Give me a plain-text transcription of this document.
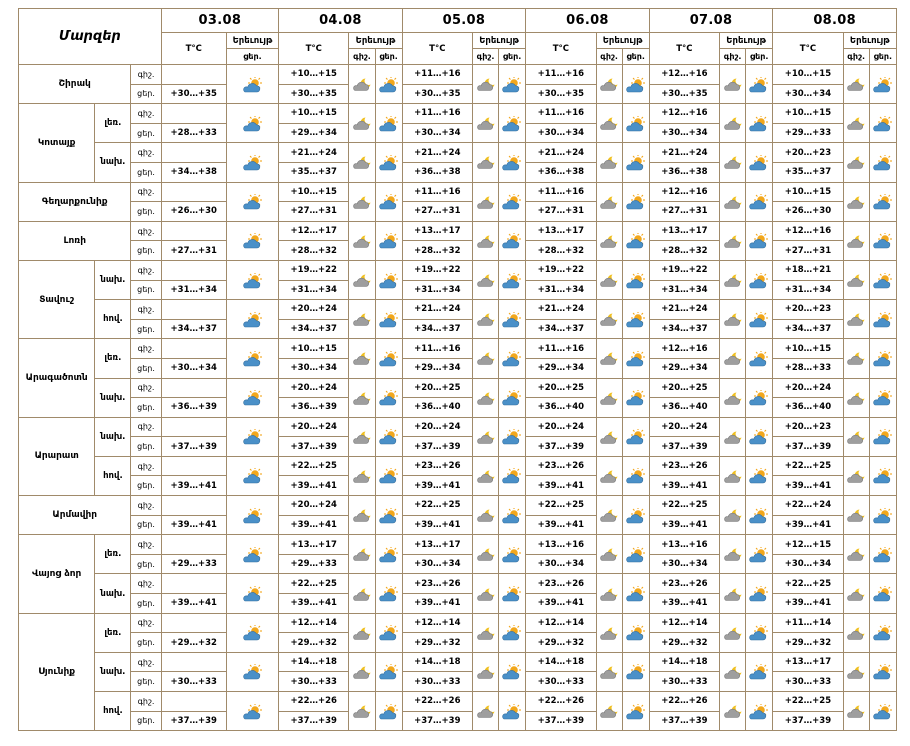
Մարզեր			03.08		04.08			05.08			06.08			07.08			08.08		
			T°C	Երեւույթ	T°C	Երեւույթ		T°C	Երեւույթ		T°C	Երեւույթ		T°C	Երեւույթ		T°C	Երեւույթ	
				ցեր.		գիշ.	ցեր.		գիշ.	ցեր.		գիշ.	ցեր.		գիշ.	ցեր.		գիշ.	ցեր.
Շիրակ		գիշ.			+10…+15			+11…+16			+11…+16			+12…+16			+10…+15	

		ցեր.	+30…+35		+30…+35			+30…+35			+30…+35			+30…+35			+30…+34		
Կոտայք	լեռ.	գիշ.			+10…+15			+11…+16			+11…+16			+12…+16			+10…+15	

		ցեր.	+28…+33		+29…+34			+30…+34			+30…+34			+30…+34			+29…+33		
	նախ.	գիշ.			+21…+24			+21…+24			+21…+24			+21…+24			+20…+23	

		ցեր.	+34…+38		+35…+37			+36…+38			+36…+38			+36…+38			+35…+37		
Գեղարքունիք		գիշ.			+10…+15			+11…+16			+11…+16			+12…+16			+10…+15	

		ցեր.	+26…+30		+27…+31			+27…+31			+27…+31			+27…+31			+26…+30		
Լոռի		գիշ.			+12…+17			+13…+17			+13…+17			+13…+17			+12…+16	

		ցեր.	+27…+31		+28…+32			+28…+32			+28…+32			+28…+32			+27…+31		
Տավուշ	նախ.	գիշ.			+19…+22			+19…+22			+19…+22			+19…+22			+18…+21	

		ցեր.	+31…+34		+31…+34			+31…+34			+31…+34			+31…+34			+31…+34		
	հով.	գիշ.			+20…+24			+21…+24			+21…+24			+21…+24			+20…+23	

		ցեր.	+34…+37		+34…+37			+34…+37			+34…+37			+34…+37			+34…+37		
Արագածոտն	լեռ.	գիշ.			+10…+15			+11…+16			+11…+16			+12…+16			+10…+15	

		ցեր.	+30…+34		+30…+34			+29…+34			+29…+34			+29…+34			+28…+33		
	նախ.	գիշ.			+20…+24			+20…+25			+20…+25			+20…+25			+20…+24	

		ցեր.	+36…+39		+36…+39			+36…+40			+36…+40			+36…+40			+36…+40		
Արարատ	նախ.	գիշ.			+20…+24			+20…+24			+20…+24			+20…+24			+20…+23	

		ցեր.	+37…+39		+37…+39			+37…+39			+37…+39			+37…+39			+37…+39		
	հով.	գիշ.			+22…+25			+23…+26			+23…+26			+23…+26			+22…+25	

		ցեր.	+39…+41		+39…+41			+39…+41			+39…+41			+39…+41			+39…+41		
Արմավիր		գիշ.			+20…+24			+22…+25			+22…+25			+22…+25			+22…+24	

		ցեր.	+39…+41		+39…+41			+39…+41			+39…+41			+39…+41			+39…+41		
Վայոց ձոր	լեռ.	գիշ.			+13…+17			+13…+17			+13…+16			+13…+16			+12…+15	

		ցեր.	+29…+33		+29…+33			+30…+34			+30…+34			+30…+34			+30…+34		
	նախ.	գիշ.			+22…+25			+23…+26			+23…+26			+23…+26			+22…+25	

		ցեր.	+39…+41		+39…+41			+39…+41			+39…+41			+39…+41			+39…+41		
Սյունիք	լեռ.	գիշ.			+12…+14			+12…+14			+12…+14			+12…+14			+11…+14	

		ցեր.	+29…+32		+29…+32			+29…+32			+29…+32			+29…+32			+29…+32		
	նախ.	գիշ.			+14…+18			+14…+18			+14…+18			+14…+18			+13…+17	

		ցեր.	+30…+33		+30…+33			+30…+33			+30…+33			+30…+33			+30…+33		
	հով.	գիշ.			+22…+26			+22…+26			+22…+26			+22…+26			+22…+25	

		ցեր.	+37…+39		+37…+39			+37…+39			+37…+39			+37…+39			+37…+39		
